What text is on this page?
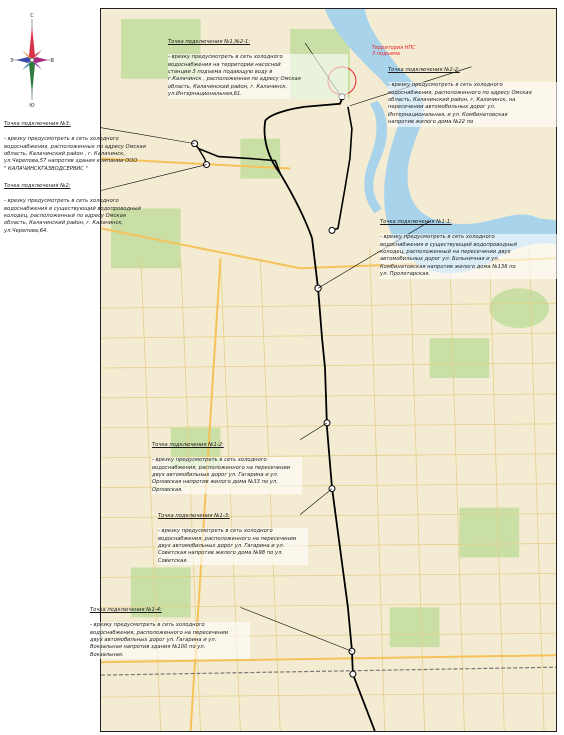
С
Ю
З	В
Территория НПС
3 подъема

Точка подключения №1,№2-1:

- врезку предусмотреть в сеть холодного
водоснабжения на территории насосной
станции 3 подъема подающую воду в
г.Калачинск , расположенная по адресу Омская
область, Калачинский район, г. Калачинск,
ул.Интернациональная,61.

Точка подключения №2-2:

- врезку предусмотреть в сеть холодного
водоснабжения, расположенного по адресу Омская
область, Калачинский район, г. Калачинск, на
пересечении автомобильных дорог ул.
Интернациональная, и ул. Комбинатовская
напротив жилого дома №22 по

Точка подключения №3:

- врезку предусмотреть в сеть холодного
водоснабжения, расположенных по адресу Омская
область, Калачинский район , г. Калачинск,
ул.Черепова,57 напротив здания компании ООО
" КАЛАЧИНСКГАЗВОДСЕРВИС "

Точка подключения №2:

- врезку предусмотреть в сеть холодного
водоснабжения в существующий водопроводный
колодец, расположенный по адресу Омская
область, Калачинский район, г. Калачинск,
ул.Черепова,64.

Точка подключения №1-1:

- врезку предусмотреть в сеть холодного
водоснабжения в существующий водопроводный
колодец, расположенный на пересечении двух
автомобильных дорог ул. Больничная и ул.
Комбинатовская напротив жилого дома №136 по
ул. Пролетарская.

Точка подключения №1-2:

- врезку предусмотреть в сеть холодного
водоснабжения, расположенного на пересечении
двух автомобильных дорог ул. Гагарина и ул.
Орловская напротив жилого дома №33 по ул.
Орловская.

Точка подключения №1-3:

- врезку предусмотреть в сеть холодного
водоснабжения, расположенного на пересечении
двух автомобильных дорог ул. Гагарина и ул.
Советская напротив жилого дома №98 по ул.
Советская.

Точка подключения №1-4:

- врезку предусмотреть в сеть холодного
водоснабжения, расположенного на пересечении
двух автомобильных дорог ул. Гагарина и ул.
Вокзальная напротив здания №100 по ул.
Вокзальная.
